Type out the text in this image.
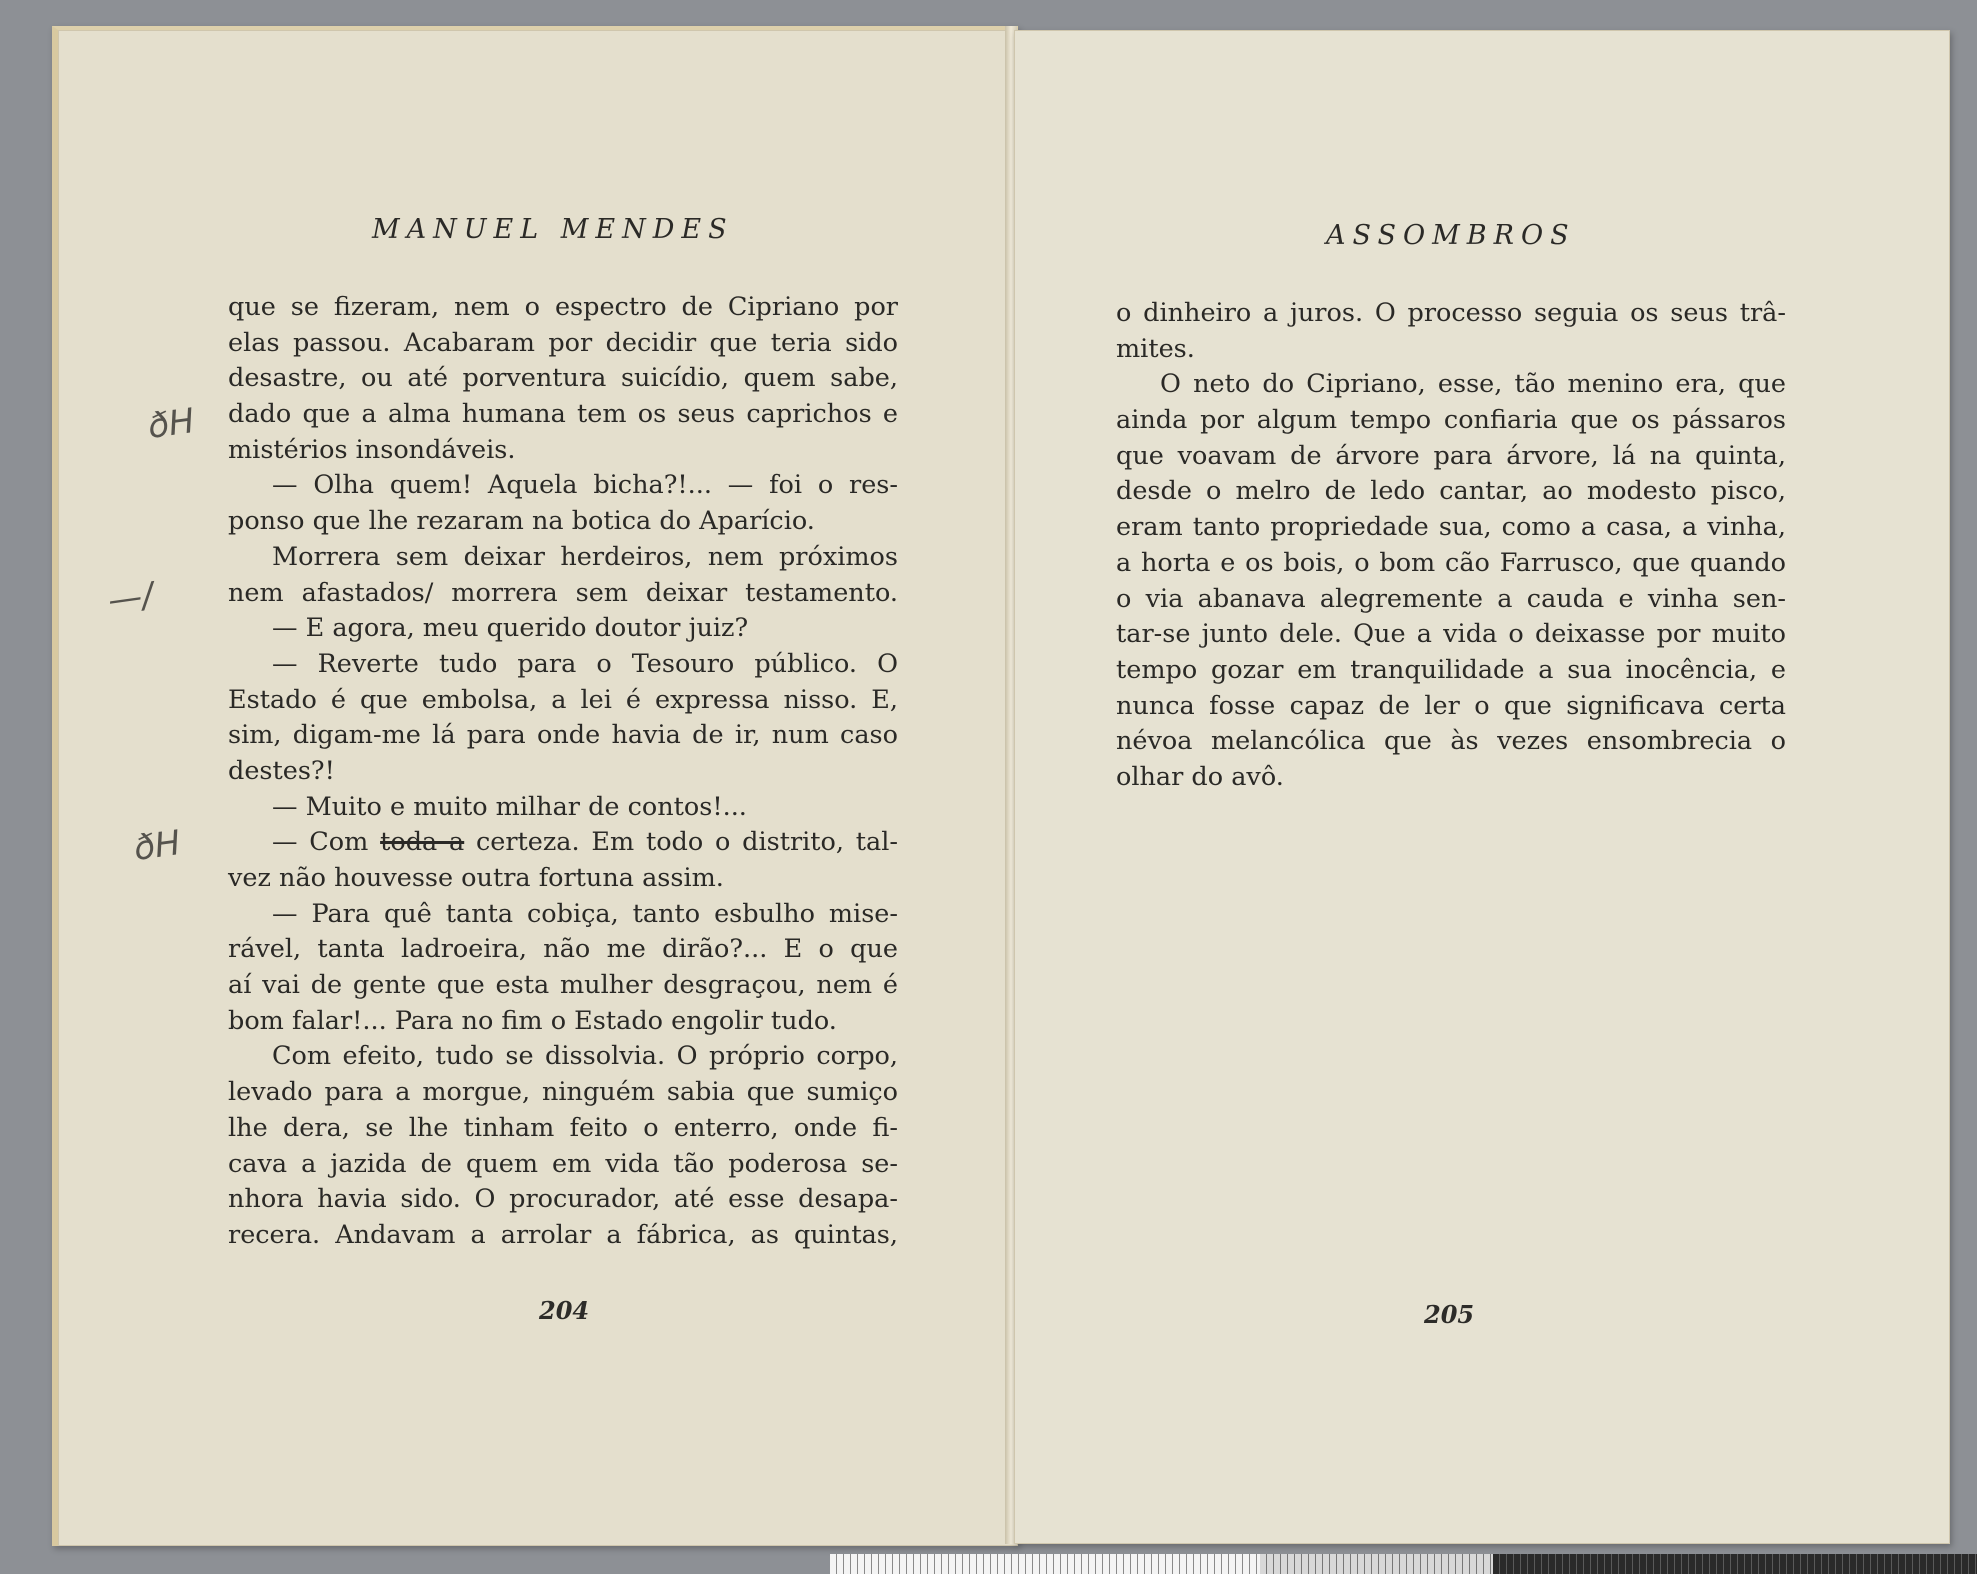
MANUEL MENDES
que se fizeram, nem o espectro de Cipriano por
elas passou. Acabaram por decidir que teria sido
desastre, ou até porventura suicídio, quem sabe,
dado que a alma humana tem os seus caprichos e
mistérios insondáveis.
— Olha quem! Aquela bicha?!... — foi o res-
ponso que lhe rezaram na botica do Aparício.
Morrera sem deixar herdeiros, nem próximos
nem afastados/ morrera sem deixar testamento.
— E agora, meu querido doutor juiz?
— Reverte tudo para o Tesouro público. O
Estado é que embolsa, a lei é expressa nisso. E,
sim, digam-me lá para onde havia de ir, num caso
destes?!
— Muito e muito milhar de contos!...
— Com toda a certeza. Em todo o distrito, tal-
vez não houvesse outra fortuna assim.
— Para quê tanta cobiça, tanto esbulho mise-
rável, tanta ladroeira, não me dirão?... E o que
aí vai de gente que esta mulher desgraçou, nem é
bom falar!... Para no fim o Estado engolir tudo.
Com efeito, tudo se dissolvia. O próprio corpo,
levado para a morgue, ninguém sabia que sumiço
lhe dera, se lhe tinham feito o enterro, onde fi-
cava a jazida de quem em vida tão poderosa se-
nhora havia sido. O procurador, até esse desapa-
recera. Andavam a arrolar a fábrica, as quintas,
ðH
—/
ðH
204
ASSOMBROS
o dinheiro a juros. O processo seguia os seus trâ-
mites.
O neto do Cipriano, esse, tão menino era, que
ainda por algum tempo confiaria que os pássaros
que voavam de árvore para árvore, lá na quinta,
desde o melro de ledo cantar, ao modesto pisco,
eram tanto propriedade sua, como a casa, a vinha,
a horta e os bois, o bom cão Farrusco, que quando
o via abanava alegremente a cauda e vinha sen-
tar-se junto dele. Que a vida o deixasse por muito
tempo gozar em tranquilidade a sua inocência, e
nunca fosse capaz de ler o que significava certa
névoa melancólica que às vezes ensombrecia o
olhar do avô.
205
